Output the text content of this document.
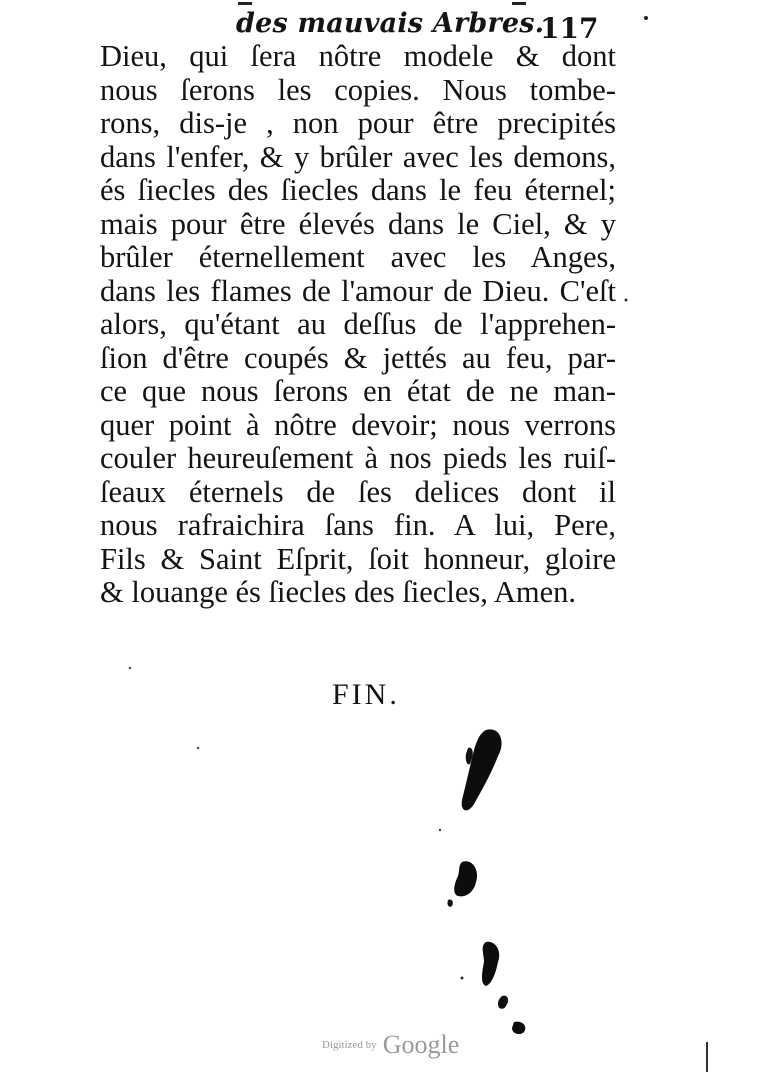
des mauvais Arbres.
117
Dieu, qui ſera nôtre modele & dont
nous ſerons les copies. Nous tombe-
rons, dis-je , non pour être precipités
dans l'enfer, & y brûler avec les demons,
és ſiecles des ſiecles dans le feu éternel;
mais pour être élevés dans le Ciel, & y
brûler éternellement avec les Anges,
dans les flames de l'amour de Dieu. C'eſt
alors, qu'étant au deſſus de l'apprehen-
ſion d'être coupés & jettés au feu, par-
ce que nous ſerons en état de ne man-
quer point à nôtre devoir; nous verrons
couler heureuſement à nos pieds les ruiſ-
ſeaux éternels de ſes delices dont il
nous rafraichira ſans fin. A lui, Pere,
Fils & Saint Eſprit, ſoit honneur, gloire
& louange és ſiecles des ſiecles, Amen.
FIN.
Digitized by Google
